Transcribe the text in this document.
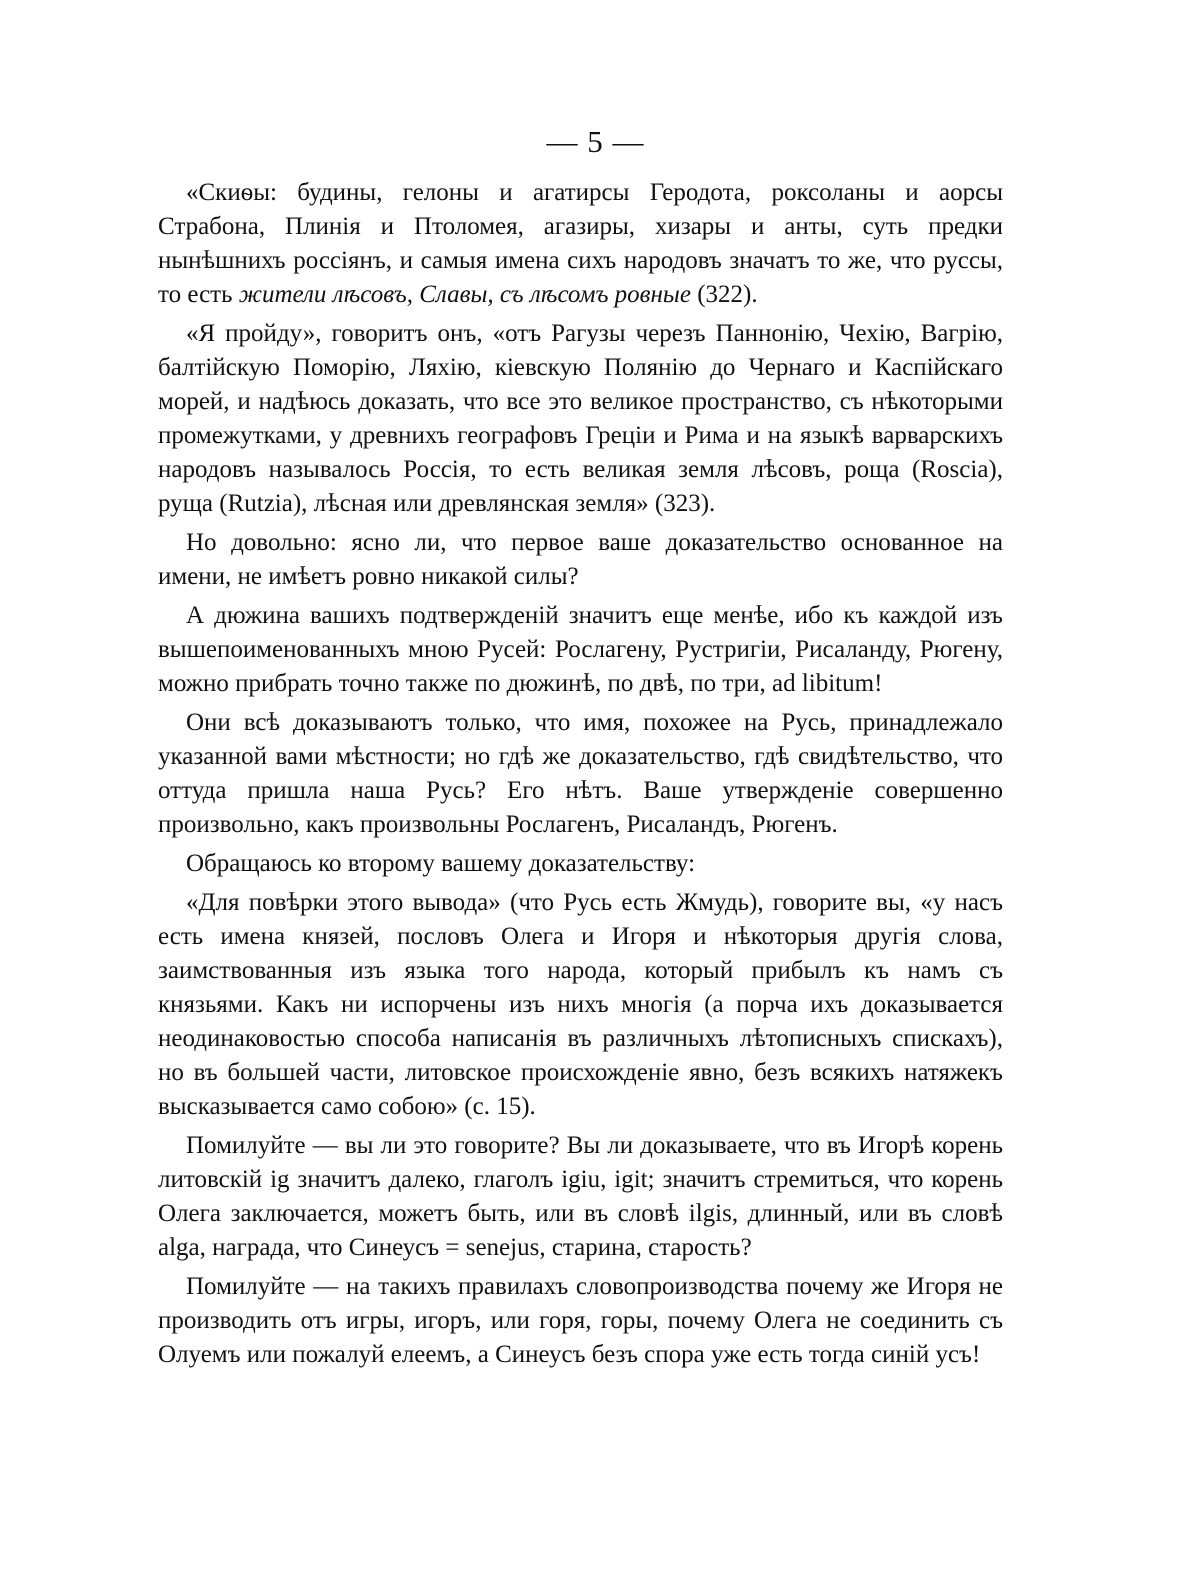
— 5 —

«Скиѳы: будины, гелоны и агатирсы Геродота, роксоланы и аорсы Страбона, Плинія и Птоломея, агазиры, хизары и анты, суть предки нынѣшнихъ россіянъ, и самыя имена сихъ народовъ значатъ то же, что руссы, то есть жители лѣсовъ, Славы, съ лѣсомъ ровные (322).

«Я пройду», говоритъ онъ, «отъ Рагузы черезъ Паннонію, Чехію, Вагрію, балтійскую Поморію, Ляхію, кіевскую Полянію до Чернаго и Каспійскаго морей, и надѣюсь доказать, что все это великое пространство, съ нѣкоторыми промежутками, у древнихъ географовъ Греціи и Рима и на языкѣ варварскихъ народовъ называлось Россія, то есть великая земля лѣсовъ, роща (Roscia), руща (Rutzia), лѣсная или древлянская земля» (323).

Но довольно: ясно ли, что первое ваше доказательство основанное на имени, не имѣетъ ровно никакой силы?

А дюжина вашихъ подтвержденій значитъ еще менѣе, ибо къ каждой изъ вышепоименованныхъ мною Русей: Рослагену, Рустригіи, Рисаланду, Рюгену, можно прибрать точно также по дюжинѣ, по двѣ, по три, ad libitum!

Они всѣ доказываютъ только, что имя, похожее на Русь, принадлежало указанной вами мѣстности; но гдѣ же доказательство, гдѣ свидѣтельство, что оттуда пришла наша Русь? Его нѣтъ. Ваше утвержденіе совершенно произвольно, какъ произвольны Рослагенъ, Рисаландъ, Рюгенъ.

Обращаюсь ко второму вашему доказательству:

«Для повѣрки этого вывода» (что Русь есть Жмудь), говорите вы, «у насъ есть имена князей, пословъ Олега и Игоря и нѣкоторыя другія слова, заимствованныя изъ языка того народа, который прибылъ къ намъ съ князьями. Какъ ни испорчены изъ нихъ многія (а порча ихъ доказывается неодинаковостью способа написанія въ различныхъ лѣтописныхъ спискахъ), но въ большей части, литовское происхожденіе явно, безъ всякихъ натяжекъ высказывается само собою» (с. 15).

Помилуйте — вы ли это говорите? Вы ли доказываете, что въ Игорѣ корень литовскій ig значитъ далеко, глаголъ igiu, igit; значитъ стремиться, что корень Олега заключается, можетъ быть, или въ словѣ ilgis, длинный, или въ словѣ alga, награда, что Синеусъ = senejus, старина, старость?

Помилуйте — на такихъ правилахъ словопроизводства почему же Игоря не производить отъ игры, игоръ, или горя, горы, почему Олега не соединить съ Олуемъ или пожалуй елеемъ, а Синеусъ безъ спора уже есть тогда синій усъ!
